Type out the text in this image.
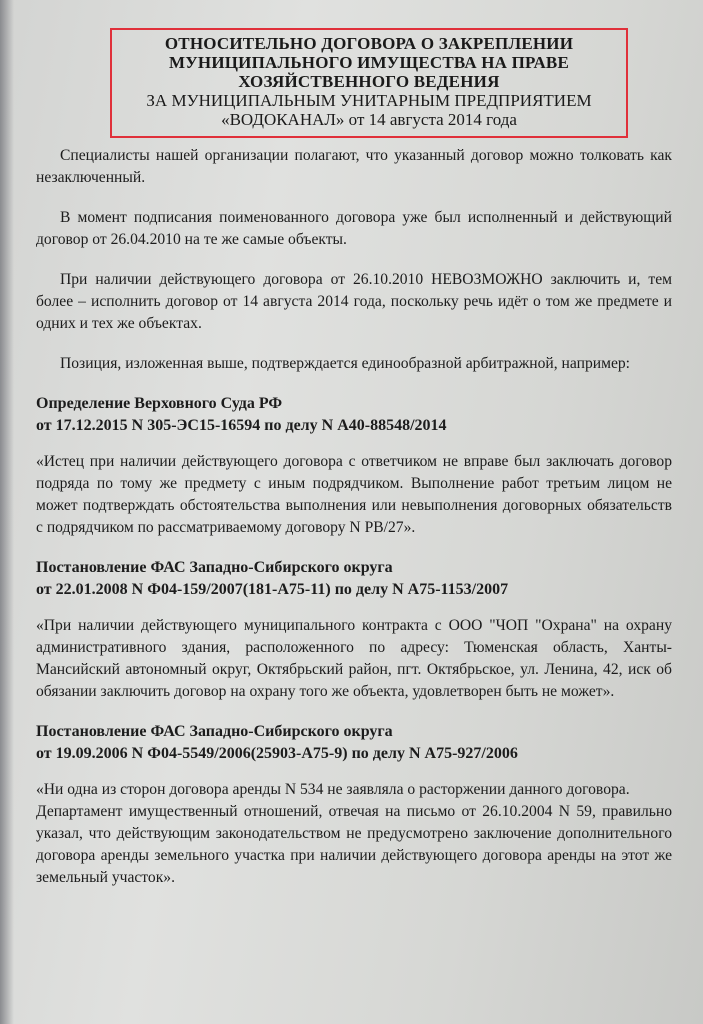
ОТНОСИТЕЛЬНО ДОГОВОРА О ЗАКРЕПЛЕНИИ
МУНИЦИПАЛЬНОГО ИМУЩЕСТВА НА ПРАВЕ
ХОЗЯЙСТВЕННОГО ВЕДЕНИЯ
ЗА МУНИЦИПАЛЬНЫМ УНИТАРНЫМ ПРЕДПРИЯТИЕМ
«ВОДОКАНАЛ» от 14 августа 2014 года

Специалисты нашей организации полагают, что указанный договор можно толковать как незаключенный.

В момент подписания поименованного договора уже был исполненный и действующий договор от 26.04.2010 на те же самые объекты.

При наличии действующего договора от 26.10.2010 НЕВОЗМОЖНО заключить и, тем более – исполнить договор от 14 августа 2014 года, поскольку речь идёт о том же предмете и одних и тех же объектах.

Позиция, изложенная выше, подтверждается единообразной арбитражной, например:

Определение Верховного Суда РФ
от 17.12.2015 N 305-ЭС15-16594 по делу N А40-88548/2014

«Истец при наличии действующего договора с ответчиком не вправе был заключать договор подряда по тому же предмету с иным подрядчиком. Выполнение работ третьим лицом не может подтверждать обстоятельства выполнения или невыполнения договорных обязательств с подрядчиком по рассматриваемому договору N РВ/27».

Постановление ФАС Западно-Сибирского округа
от 22.01.2008 N Ф04-159/2007(181-А75-11) по делу N А75-1153/2007

«При наличии действующего муниципального контракта с ООО "ЧОП "Охрана" на охрану административного здания, расположенного по адресу: Тюменская область, Ханты-Мансийский автономный округ, Октябрьский район, пгт. Октябрьское, ул. Ленина, 42, иск об обязании заключить договор на охрану того же объекта, удовлетворен быть не может».

Постановление ФАС Западно-Сибирского округа
от 19.09.2006 N Ф04-5549/2006(25903-А75-9) по делу N А75-927/2006

«Ни одна из сторон договора аренды N 534 не заявляла о расторжении данного договора.

Департамент имущественный отношений, отвечая на письмо от 26.10.2004 N 59, правильно указал, что действующим законодательством не предусмотрено заключение дополнительного договора аренды земельного участка при наличии действующего договора аренды на этот же земельный участок».
